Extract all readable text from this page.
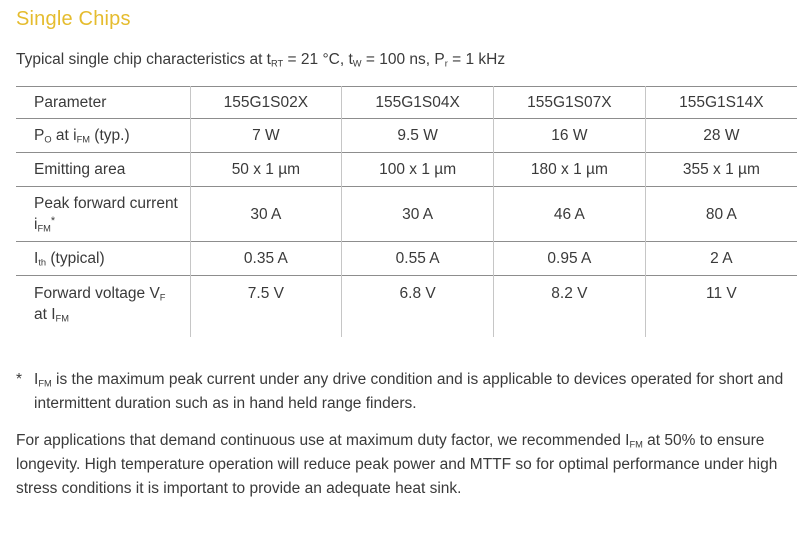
Single Chips
Typical single chip characteristics at $t_{RT} = 21$ °C, $t_W = 100$ ns, $P_r = 1$ kHz
Parameter	155G1S02X	155G1S04X	155G1S07X	155G1S14X
$P_O$ at $i_{FM}$ (typ.)	7 W	9.5 W	16 W	28 W
Emitting area	50 x 1 µm	100 x 1 µm	180 x 1 µm	355 x 1 µm
Peak forward current $i_{FM}^*$	30 A	30 A	46 A	80 A
$I_{th}$ (typical)	0.35 A	0.55 A	0.95 A	2 A
Forward voltage $V_F$ at $I_{FM}$	7.5 V	6.8 V	8.2 V	11 V
* $I_{FM}$ is the maximum peak current under any drive condition and is applicable to devices operated for short and intermittent duration such as in hand held range finders.
For applications that demand continuous use at maximum duty factor, we recommended $I_{FM}$ at 50% to ensure longevity. High temperature operation will reduce peak power and MTTF so for optimal performance under high stress conditions it is important to provide an adequate heat sink.
